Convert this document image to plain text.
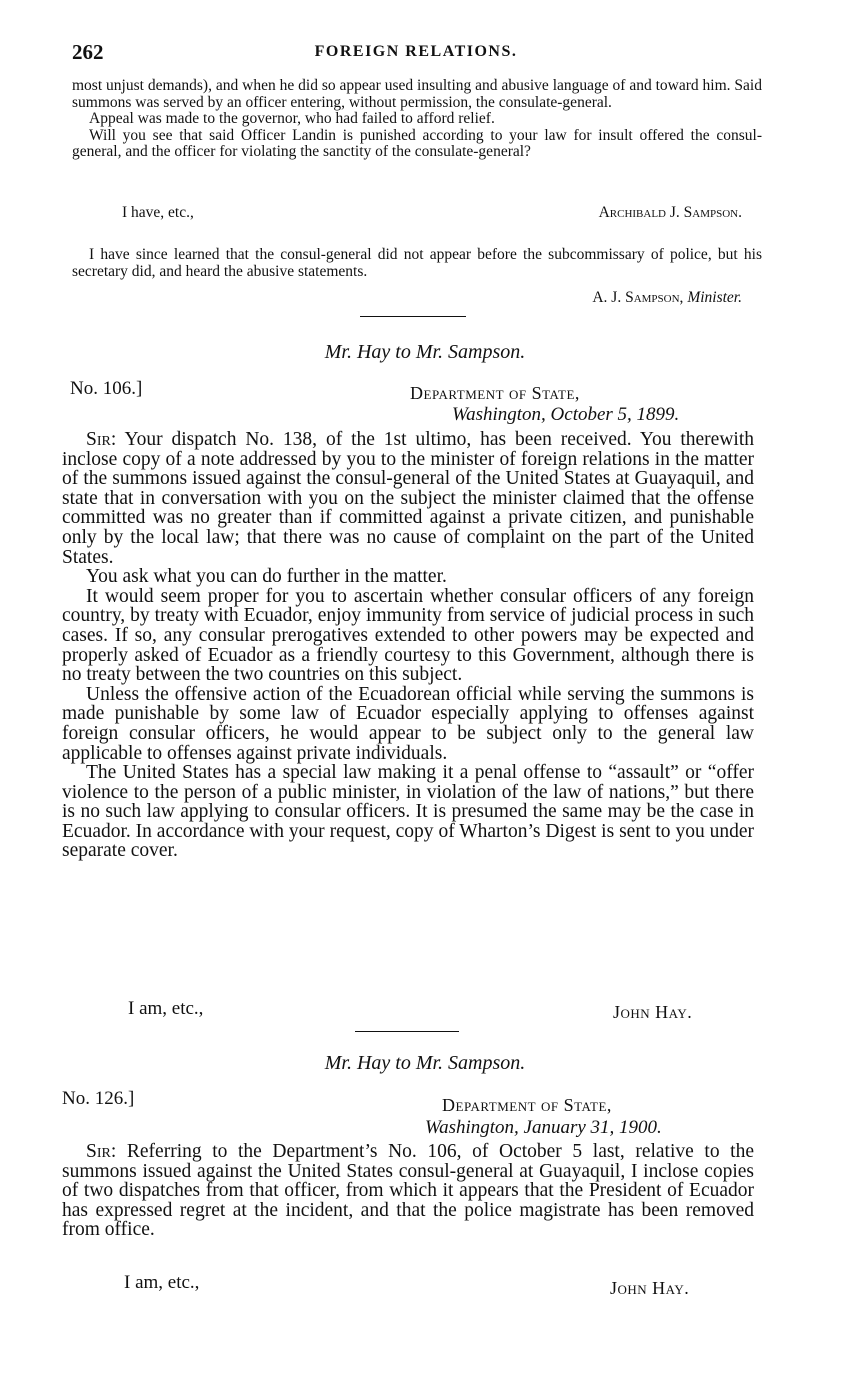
262	FOREIGN RELATIONS.

most unjust demands), and when he did so appear used insulting and abusive language of and toward him. Said summons was served by an officer entering, without permission, the consulate-general.

Appeal was made to the governor, who had failed to afford relief.

Will you see that said Officer Landin is punished according to your law for insult offered the consul-general, and the officer for violating the sanctity of the consulate-general?

I have, etc.,	Archibald J. Sampson.

I have since learned that the consul-general did not appear before the subcommissary of police, but his secretary did, and heard the abusive statements.

A. J. Sampson, Minister.
Mr. Hay to Mr. Sampson.
No. 106.]	Department of State,
Washington, October 5, 1899.

Sir: Your dispatch No. 138, of the 1st ultimo, has been received. You therewith inclose copy of a note addressed by you to the minister of foreign relations in the matter of the summons issued against the consul-general of the United States at Guayaquil, and state that in conversation with you on the subject the minister claimed that the offense committed was no greater than if committed against a private citizen, and punishable only by the local law; that there was no cause of complaint on the part of the United States.

You ask what you can do further in the matter.

It would seem proper for you to ascertain whether consular officers of any foreign country, by treaty with Ecuador, enjoy immunity from service of judicial process in such cases. If so, any consular prerogatives extended to other powers may be expected and properly asked of Ecuador as a friendly courtesy to this Government, although there is no treaty between the two countries on this subject.

Unless the offensive action of the Ecuadorean official while serving the summons is made punishable by some law of Ecuador especially applying to offenses against foreign consular officers, he would appear to be subject only to the general law applicable to offenses against private individuals.

The United States has a special law making it a penal offense to “assault” or “offer violence to the person of a public minister, in violation of the law of nations,” but there is no such law applying to consular officers. It is presumed the same may be the case in Ecuador. In accordance with your request, copy of Wharton’s Digest is sent to you under separate cover.

I am, etc.,	John Hay.
Mr. Hay to Mr. Sampson.
No. 126.]	Department of State,
Washington, January 31, 1900.

Sir: Referring to the Department’s No. 106, of October 5 last, relative to the summons issued against the United States consul-general at Guayaquil, I inclose copies of two dispatches from that officer, from which it appears that the President of Ecuador has expressed regret at the incident, and that the police magistrate has been removed from office.

I am, etc.,	John Hay.
